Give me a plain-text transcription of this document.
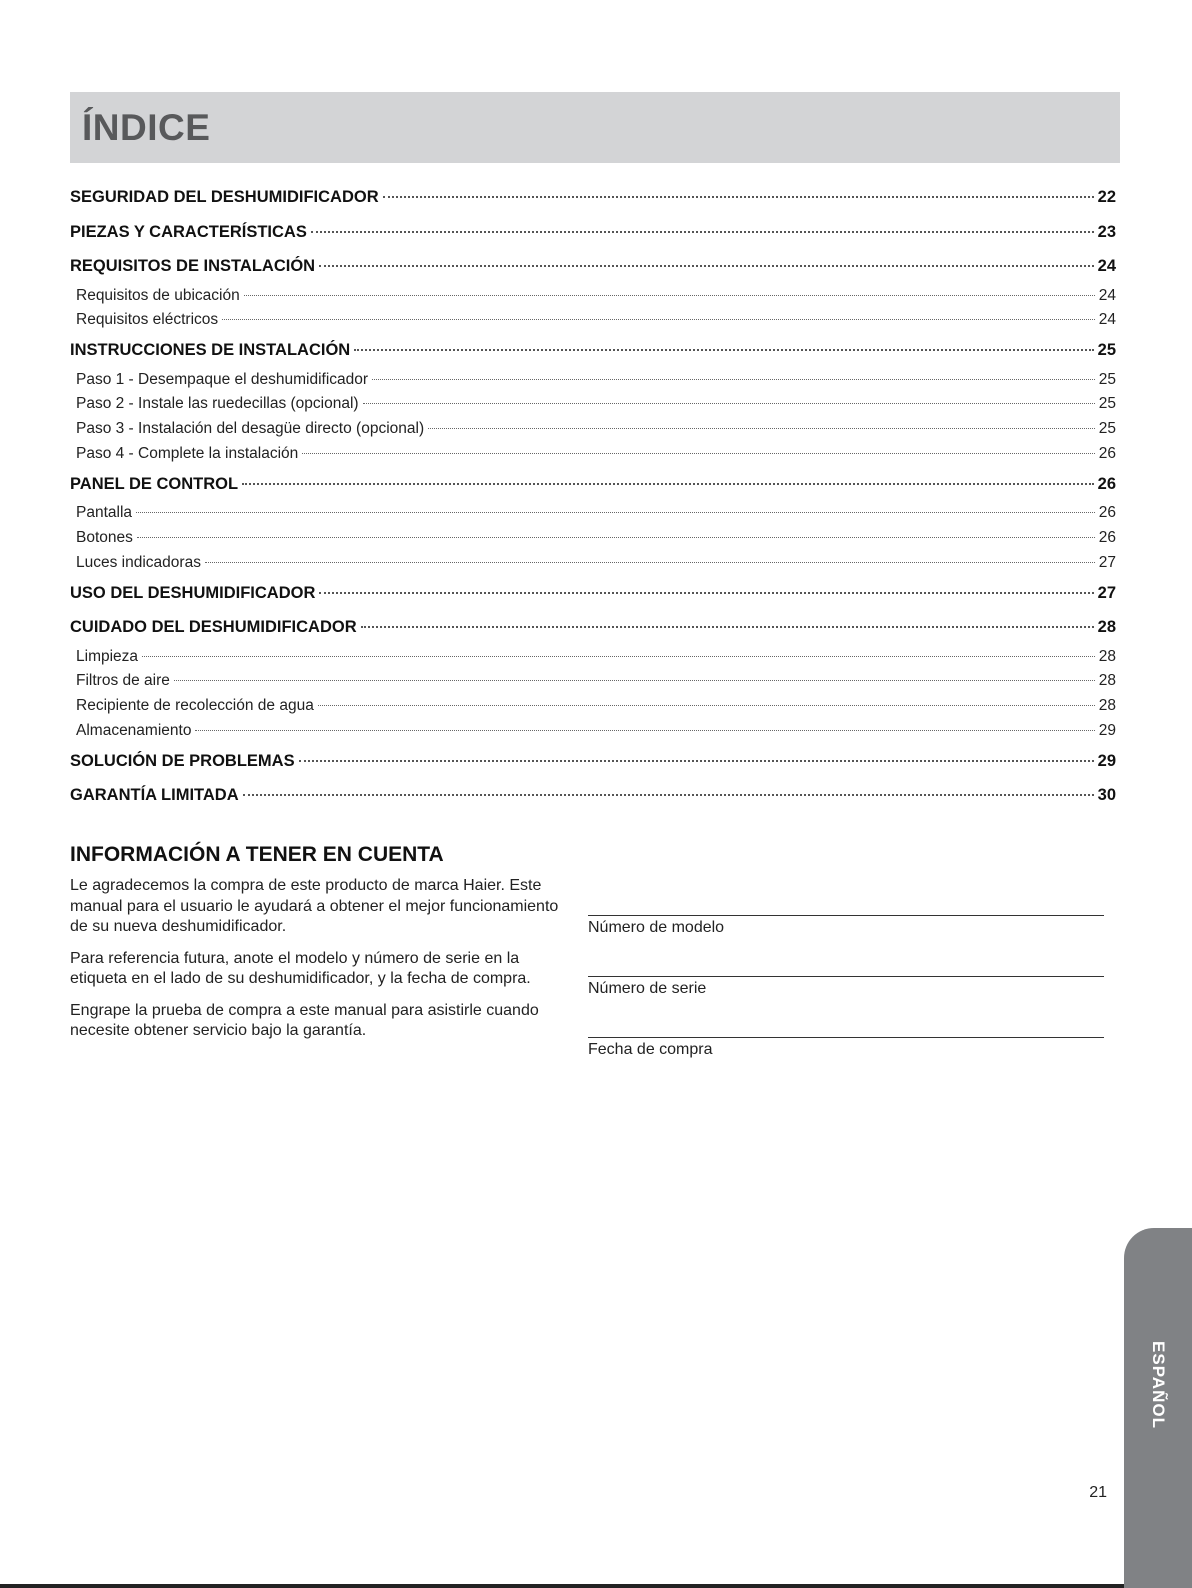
ÍNDICE
SEGURIDAD DEL DESHUMIDIFICADOR	22
PIEZAS Y CARACTERÍSTICAS	23
REQUISITOS DE INSTALACIÓN	24
Requisitos de ubicación	24
Requisitos eléctricos	24
INSTRUCCIONES DE INSTALACIÓN	25
Paso 1 - Desempaque el deshumidificador	25
Paso 2 - Instale las ruedecillas (opcional)	25
Paso 3 - Instalación del desagüe directo (opcional)	25
Paso 4 - Complete la instalación	26
PANEL DE CONTROL	26
Pantalla	26
Botones	26
Luces indicadoras	27
USO DEL DESHUMIDIFICADOR	27
CUIDADO DEL DESHUMIDIFICADOR	28
Limpieza	28
Filtros de aire	28
Recipiente de recolección de agua	28
Almacenamiento	29
SOLUCIÓN DE PROBLEMAS	29
GARANTÍA LIMITADA	30
INFORMACIÓN A TENER EN CUENTA

Le agradecemos la compra de este producto de marca Haier. Este manual para el usuario le ayudará a obtener el mejor funcionamiento de su nueva deshumidificador.

Para referencia futura, anote el modelo y número de serie en la etiqueta en el lado de su deshumidificador, y la fecha de compra.

Engrape la prueba de compra a este manual para asistirle cuando necesite obtener servicio bajo la garantía.

Número de modelo
Número de serie
Fecha de compra
ESPAÑOL
21
